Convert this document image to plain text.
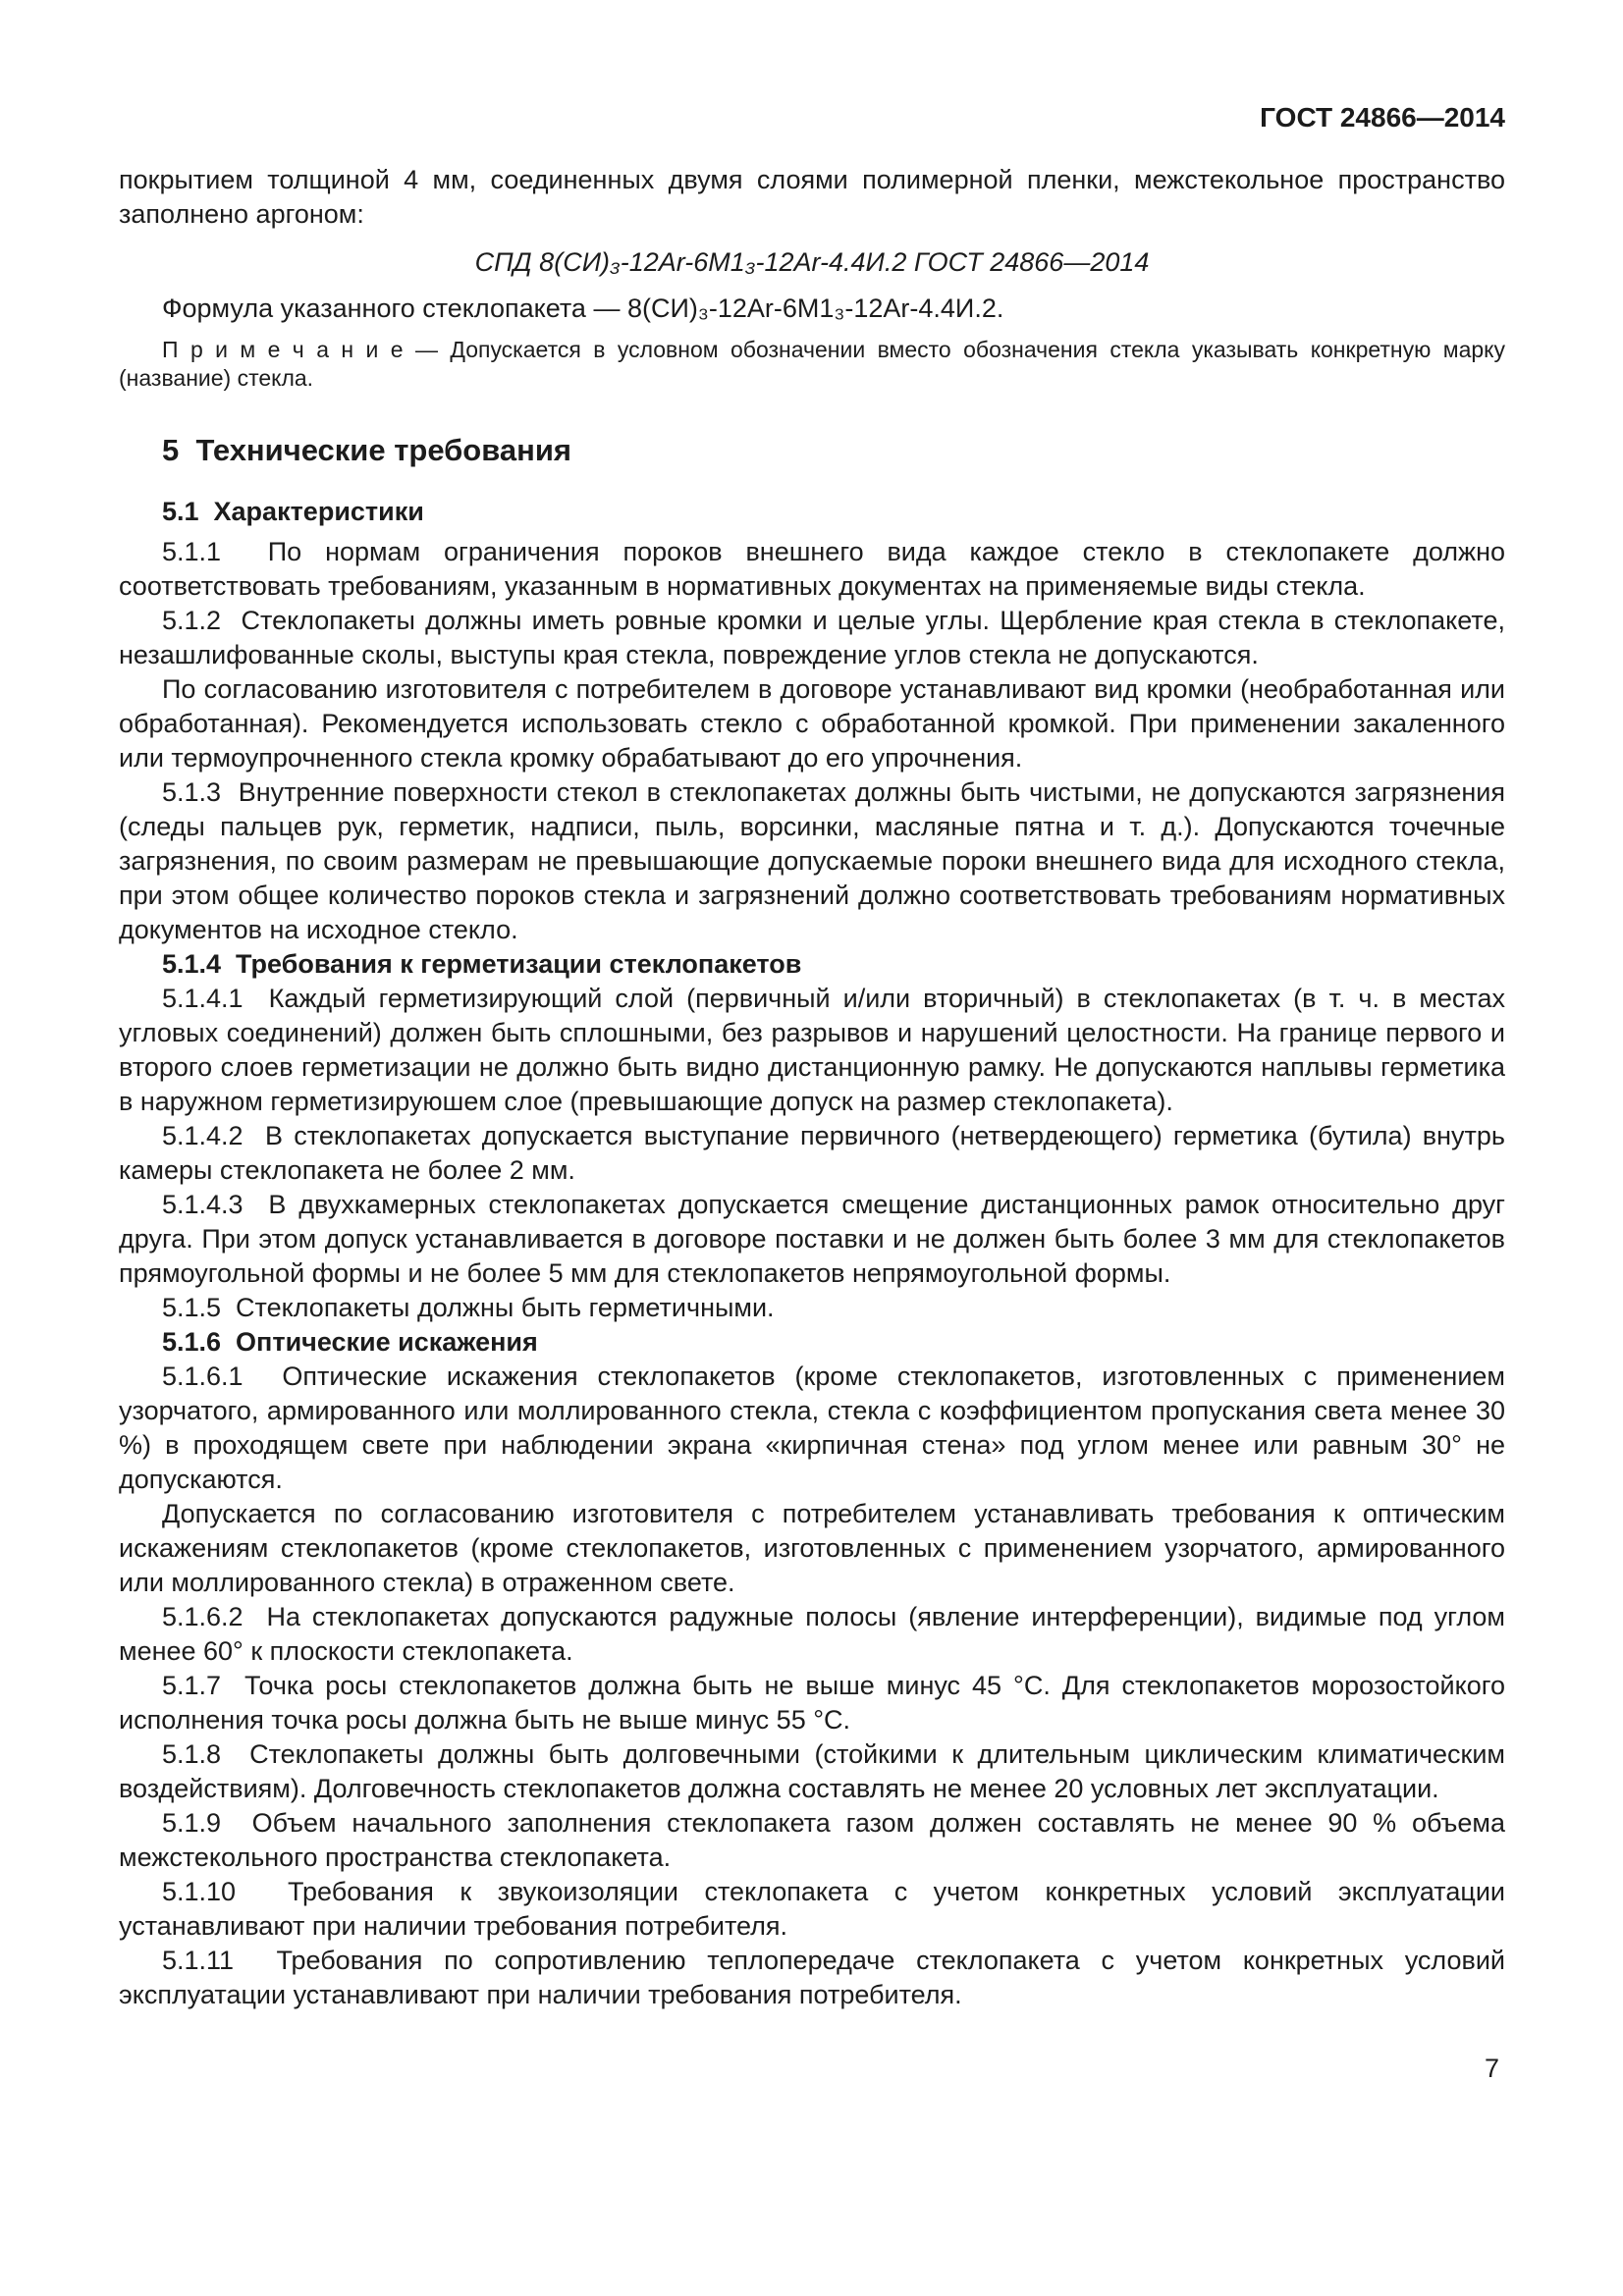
ГОСТ 24866—2014

покрытием толщиной 4 мм, соединенных двумя слоями полимерной пленки, межстекольное пространство заполнено аргоном:

СПД 8(СИ)₃-12Ar-6М1₃-12Ar-4.4И.2 ГОСТ 24866—2014

Формула указанного стеклопакета — 8(СИ)₃-12Ar-6М1₃-12Ar-4.4И.2.

П р и м е ч а н и е — Допускается в условном обозначении вместо обозначения стекла указывать конкретную марку (название) стекла.

5  Технические требования
5.1  Характеристики

5.1.1  По нормам ограничения пороков внешнего вида каждое стекло в стеклопакете должно соответствовать требованиям, указанным в нормативных документах на применяемые виды стекла.

5.1.2  Стеклопакеты должны иметь ровные кромки и целые углы. Щербление края стекла в стеклопакете, незашлифованные сколы, выступы края стекла, повреждение углов стекла не допускаются.

По согласованию изготовителя с потребителем в договоре устанавливают вид кромки (необработанная или обработанная). Рекомендуется использовать стекло с обработанной кромкой. При применении закаленного или термоупрочненного стекла кромку обрабатывают до его упрочнения.

5.1.3  Внутренние поверхности стекол в стеклопакетах должны быть чистыми, не допускаются загрязнения (следы пальцев рук, герметик, надписи, пыль, ворсинки, масляные пятна и т. д.). Допускаются точечные загрязнения, по своим размерам не превышающие допускаемые пороки внешнего вида для исходного стекла, при этом общее количество пороков стекла и загрязнений должно соответствовать требованиям нормативных документов на исходное стекло.

5.1.4  Требования к герметизации стеклопакетов

5.1.4.1  Каждый герметизирующий слой (первичный и/или вторичный) в стеклопакетах (в т. ч. в местах угловых соединений) должен быть сплошными, без разрывов и нарушений целостности. На границе первого и второго слоев герметизации не должно быть видно дистанционную рамку. Не допускаются наплывы герметика в наружном герметизируюшем слое (превышающие допуск на размер стеклопакета).

5.1.4.2  В стеклопакетах допускается выступание первичного (нетвердеющего) герметика (бутила) внутрь камеры стеклопакета не более 2 мм.

5.1.4.3  В двухкамерных стеклопакетах допускается смещение дистанционных рамок относительно друг друга. При этом допуск устанавливается в договоре поставки и не должен быть более 3 мм для стеклопакетов прямоугольной формы и не более 5 мм для стеклопакетов непрямоугольной формы.

5.1.5  Стеклопакеты должны быть герметичными.

5.1.6  Оптические искажения

5.1.6.1  Оптические искажения стеклопакетов (кроме стеклопакетов, изготовленных с применением узорчатого, армированного или моллированного стекла, стекла с коэффициентом пропускания света менее 30 %) в проходящем свете при наблюдении экрана «кирпичная стена» под углом менее или равным 30° не допускаются.

Допускается по согласованию изготовителя с потребителем устанавливать требования к оптическим искажениям стеклопакетов (кроме стеклопакетов, изготовленных с применением узорчатого, армированного или моллированного стекла) в отраженном свете.

5.1.6.2  На стеклопакетах допускаются радужные полосы (явление интерференции), видимые под углом менее 60° к плоскости стеклопакета.

5.1.7  Точка росы стеклопакетов должна быть не выше минус 45 °С. Для стеклопакетов морозостойкого исполнения точка росы должна быть не выше минус 55 °С.

5.1.8  Стеклопакеты должны быть долговечными (стойкими к длительным циклическим климатическим воздействиям). Долговечность стеклопакетов должна составлять не менее 20 условных лет эксплуатации.

5.1.9  Объем начального заполнения стеклопакета газом должен составлять не менее 90 % объема межстекольного пространства стеклопакета.

5.1.10  Требования к звукоизоляции стеклопакета с учетом конкретных условий эксплуатации устанавливают при наличии требования потребителя.

5.1.11  Требования по сопротивлению теплопередаче стеклопакета с учетом конкретных условий эксплуатации устанавливают при наличии требования потребителя.

7
